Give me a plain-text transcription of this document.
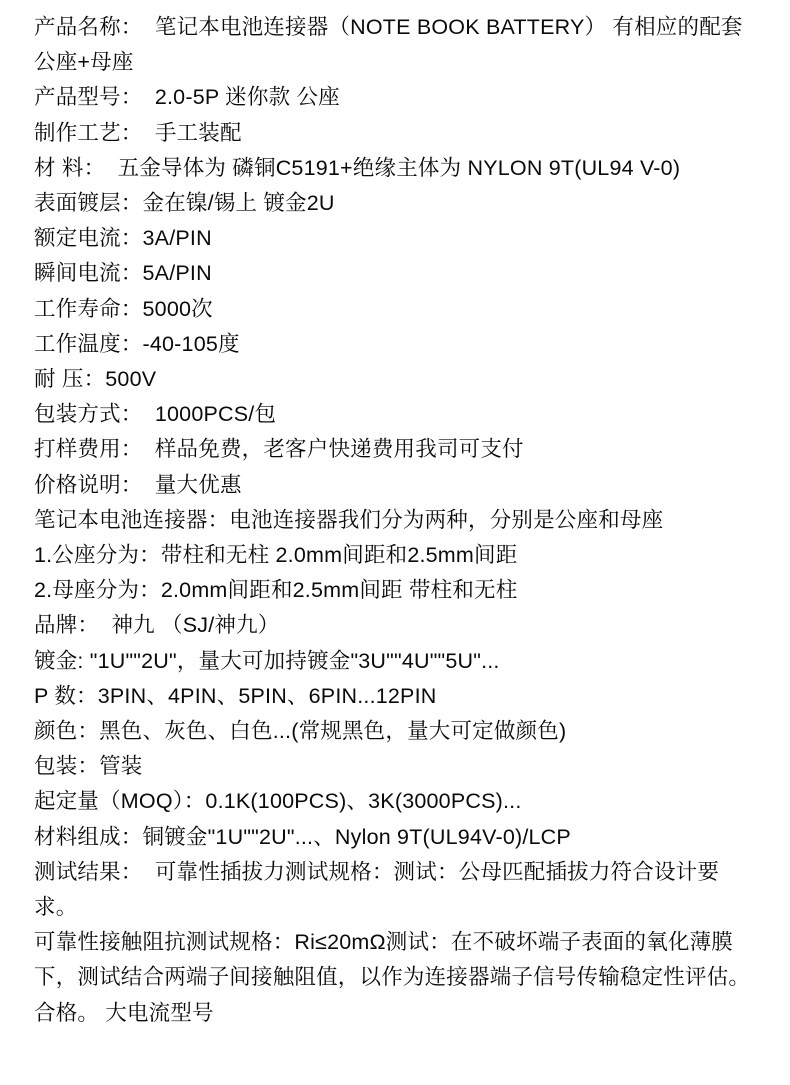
产品名称：  笔记本电池连接器（NOTE BOOK BATTERY） 有相应的配套 公座+母座
产品型号：  2.0-5P 迷你款 公座
制作工艺：  手工装配
材 料：  五金导体为 磷铜C5191+绝缘主体为 NYLON 9T(UL94 V-0)
表面镀层：金在镍/锡上 镀金2U
额定电流：3A/PIN
瞬间电流：5A/PIN
工作寿命：5000次
工作温度：-40-105度
耐 压：500V
包装方式：  1000PCS/包
打样费用：  样品免费，老客户快递费用我司可支付
价格说明：  量大优惠
笔记本电池连接器：电池连接器我们分为两种，分别是公座和母座
1.公座分为：带柱和无柱 2.0mm间距和2.5mm间距
2.母座分为：2.0mm间距和2.5mm间距 带柱和无柱
品牌：  神九 （SJ/神九）
镀金: "1U""2U"，量大可加持镀金"3U""4U""5U"...
P 数：3PIN、4PIN、5PIN、6PIN...12PIN
颜色：黑色、灰色、白色...(常规黑色，量大可定做颜色)
包装：管装
起定量（MOQ）：0.1K(100PCS)、3K(3000PCS)...
材料组成：铜镀金"1U""2U"...、Nylon 9T(UL94V-0)/LCP
测试结果：  可靠性插拔力测试规格：测试：公母匹配插拔力符合设计要求。
可靠性接触阻抗测试规格：Ri≤20mΩ测试：在不破坏端子表面的氧化薄膜下，测试结合两端子间接触阻值，以作为连接器端子信号传输稳定性评估。合格。 大电流型号
